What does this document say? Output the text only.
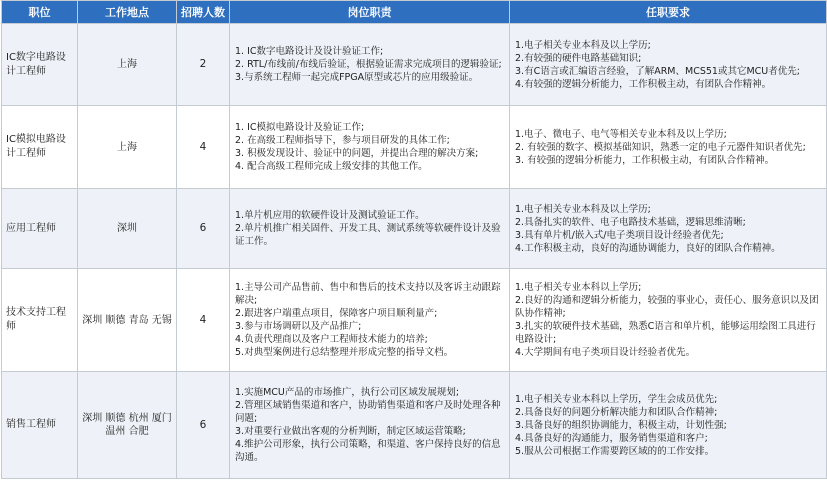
职位	工作地点	招聘人数	岗位职责	任职要求
IC数字电路设计工程师	上海	2	1. IC数字电路设计及设计验证工作;
2. RTL/布线前/布线后验证，根据验证需求完成项目的逻辑验证;
3.与系统工程师一起完成FPGA原型或芯片的应用级验证。	1.电子相关专业本科及以上学历;
2.有较强的硬件电路基础知识;
3.有C语言或汇编语言经验，了解ARM、MCS51或其它MCU者优先;
4.有较强的逻辑分析能力，工作积极主动，有团队合作精神。

IC模拟电路设计工程师	上海	4	1. IC模拟电路设计及验证工作;
2. 在高级工程师指导下，参与项目研发的具体工作;
3. 积极发现设计、验证中的问题，并提出合理的解决方案;
4. 配合高级工程师完成上级安排的其他工作。	1.电子、微电子、电气等相关专业本科及以上学历;
2. 有较强的数字、模拟基础知识，熟悉一定的电子元器件知识者优先;
3. 有较强的逻辑分析能力，工作积极主动，有团队合作精神。

应用工程师	深圳	6	1.单片机应用的软硬件设计及测试验证工作。
2.单片机推广相关固件、开发工具、测试系统等软硬件设计及验证工作。	1.电子相关专业本科及以上学历;
2.具备扎实的软件、电子电路技术基础，逻辑思维清晰;
3.具有单片机/嵌入式/电子类项目设计经验者优先;
4.工作积极主动，良好的沟通协调能力，良好的团队合作精神。

技术支持工程师	深圳 顺德 青岛 无锡	4	1.主导公司产品售前、售中和售后的技术支持以及客诉主动跟踪解决;
2.跟进客户端重点项目，保障客户项目顺利量产;
3.参与市场调研以及产品推广;
4.负责代理商以及客户工程师技术能力的培养;
5.对典型案例进行总结整理并形成完整的指导文档。	1.电子相关专业本科以上学历;
2.良好的沟通和逻辑分析能力，较强的事业心，责任心、服务意识以及团队协作精神;
3.扎实的软硬件技术基础，熟悉C语言和单片机，能够运用绘图工具进行电路设计;
4.大学期间有电子类项目设计经验者优先。

销售工程师	深圳 顺德 杭州 厦门 温州 合肥	6	1.实施MCU产品的市场推广，执行公司区域发展规划;
2.管理区域销售渠道和客户，协助销售渠道和客户及时处理各种问题;
3.对重要行业做出客观的分析判断，制定区域运营策略;
4.维护公司形象，执行公司策略，和渠道、客户保持良好的信息沟通。	1.电子相关专业本科以上学历，学生会成员优先;
2.具备良好的问题分析解决能力和团队合作精神;
3.具备良好的组织协调能力，积极主动，计划性强;
4.具备良好的沟通能力，服务销售渠道和客户;
5.服从公司根据工作需要跨区域的的工作安排。
